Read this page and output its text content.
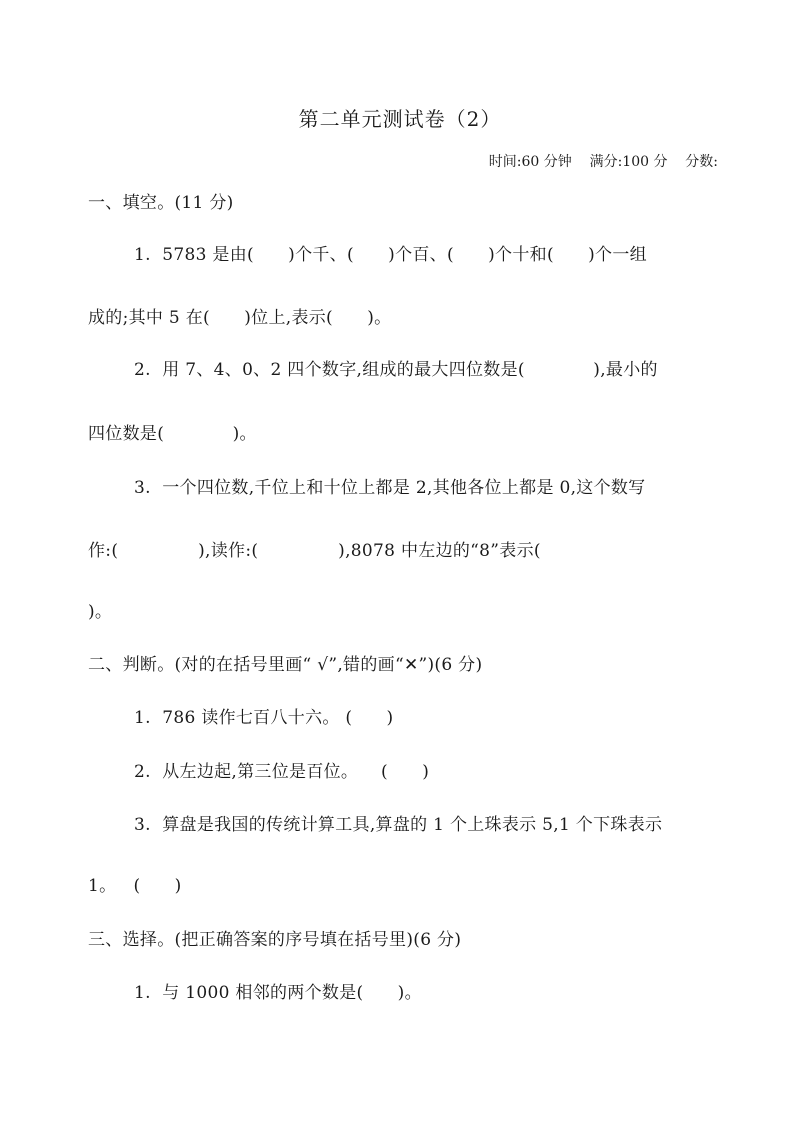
第二单元测试卷（2）
时间:60 分钟    满分:100 分    分数:
一、填空。(11 分)
1.  5783 是由(      )个千、(      )个百、(      )个十和(      )个一组
成的;其中 5 在(      )位上,表示(      )。
2.  用 7、4、0、2 四个数字,组成的最大四位数是(            ),最小的
四位数是(            )。
3.  一个四位数,千位上和十位上都是 2,其他各位上都是 0,这个数写
作:(              ),读作:(              ),8078 中左边的“8”表示(
)。
二、判断。(对的在括号里画“ √”,错的画“✕”)(6 分)
1.  786 读作七百八十六。 (      )
2.  从左边起,第三位是百位。    (      )
3.  算盘是我国的传统计算工具,算盘的 1 个上珠表示 5,1 个下珠表示
1。   (      )
三、选择。(把正确答案的序号填在括号里)(6 分)
1.  与 1000 相邻的两个数是(      )。
